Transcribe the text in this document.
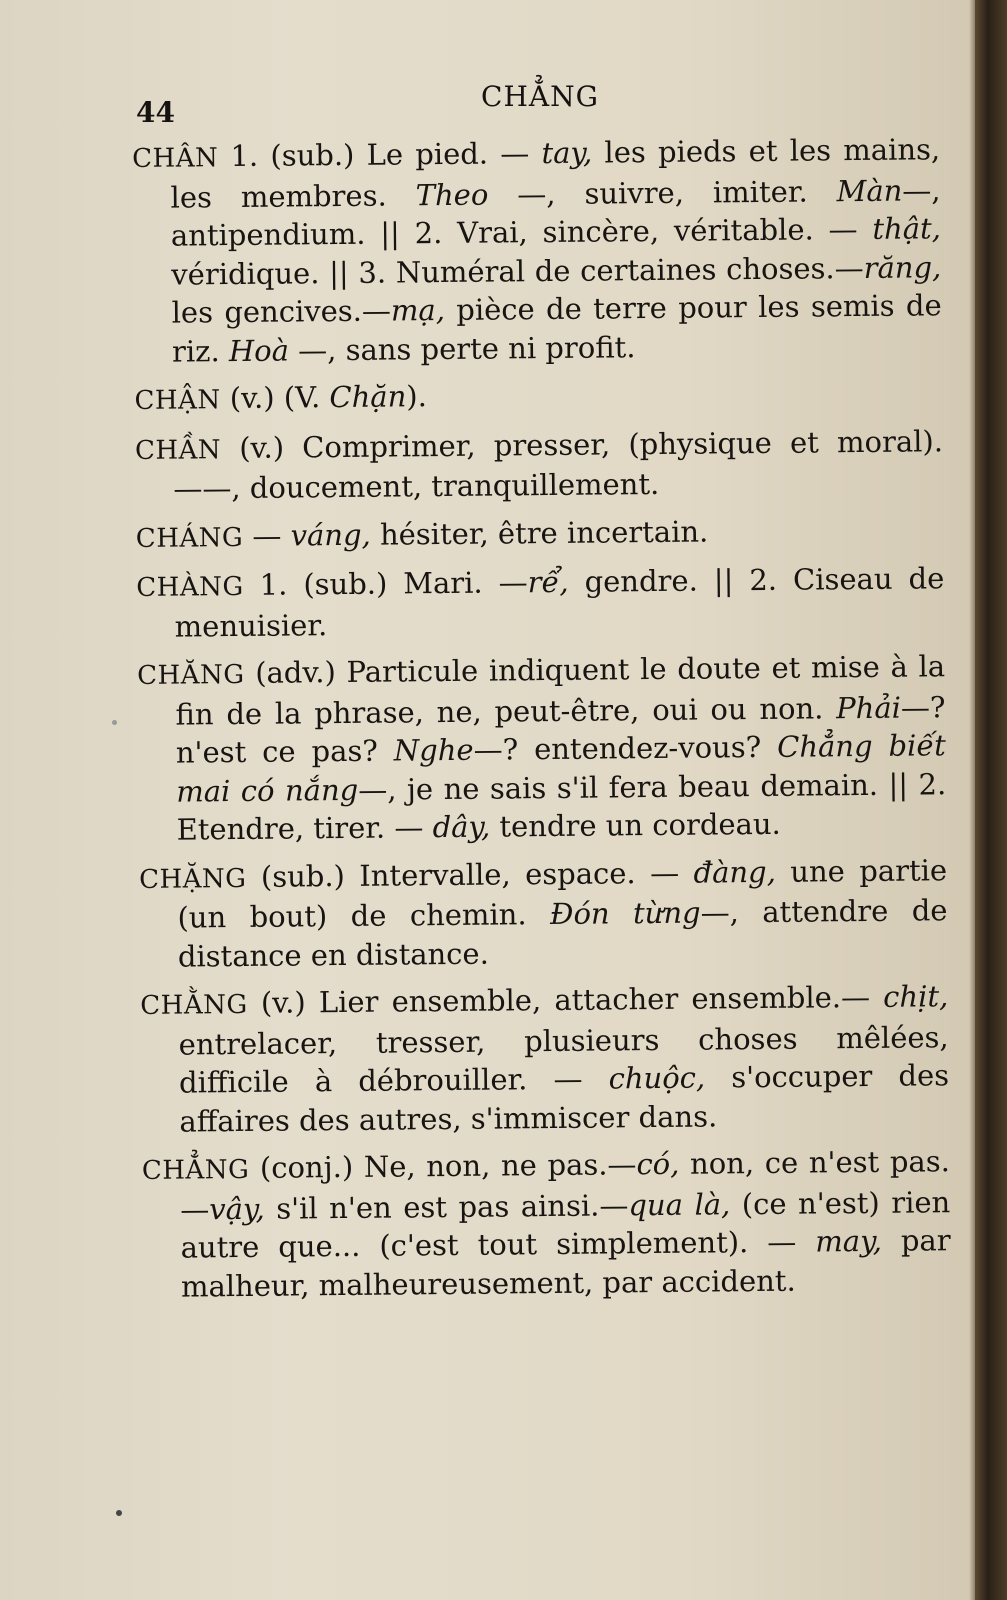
44	CHẲNG

CHÂN 1. (sub.) Le pied. — tay, les pieds et les mains, les membres. Theo —, suivre, imiter. Màn—, antipendium. || 2. Vrai, sincère, véritable. — thật, véridique. || 3. Numéral de certaines choses.—răng, les gencives.—mạ, pièce de terre pour les semis de riz. Hoà —, sans perte ni profit.

CHẬN (v.) (V. Chặn).

CHẦN (v.) Comprimer, presser, (physique et moral). ——, doucement, tranquillement.

CHÁNG — váng, hésiter, être incertain.

CHÀNG 1. (sub.) Mari. —rể, gendre. || 2. Ciseau de menuisier.

CHĂNG (adv.) Particule indiquent le doute et mise à la fin de la phrase, ne, peut-être, oui ou non. Phải—? n'est ce pas? Nghe—? entendez-vous? Chẳng biết mai có nắng—, je ne sais s'il fera beau demain. || 2. Etendre, tirer. — dây, tendre un cordeau.

CHẶNG (sub.) Intervalle, espace. — đàng, une partie (un bout) de chemin. Đón từng—, attendre de distance en distance.

CHẰNG (v.) Lier ensemble, attacher ensemble.— chịt, entrelacer, tresser, plusieurs choses mêlées, difficile à débrouiller. — chuộc, s'occuper des affaires des autres, s'immiscer dans.

CHẲNG (conj.) Ne, non, ne pas.—có, non, ce n'est pas.—vậy, s'il n'en est pas ainsi.—qua là, (ce n'est) rien autre que... (c'est tout simplement). — may, par malheur, malheureusement, par accident.
